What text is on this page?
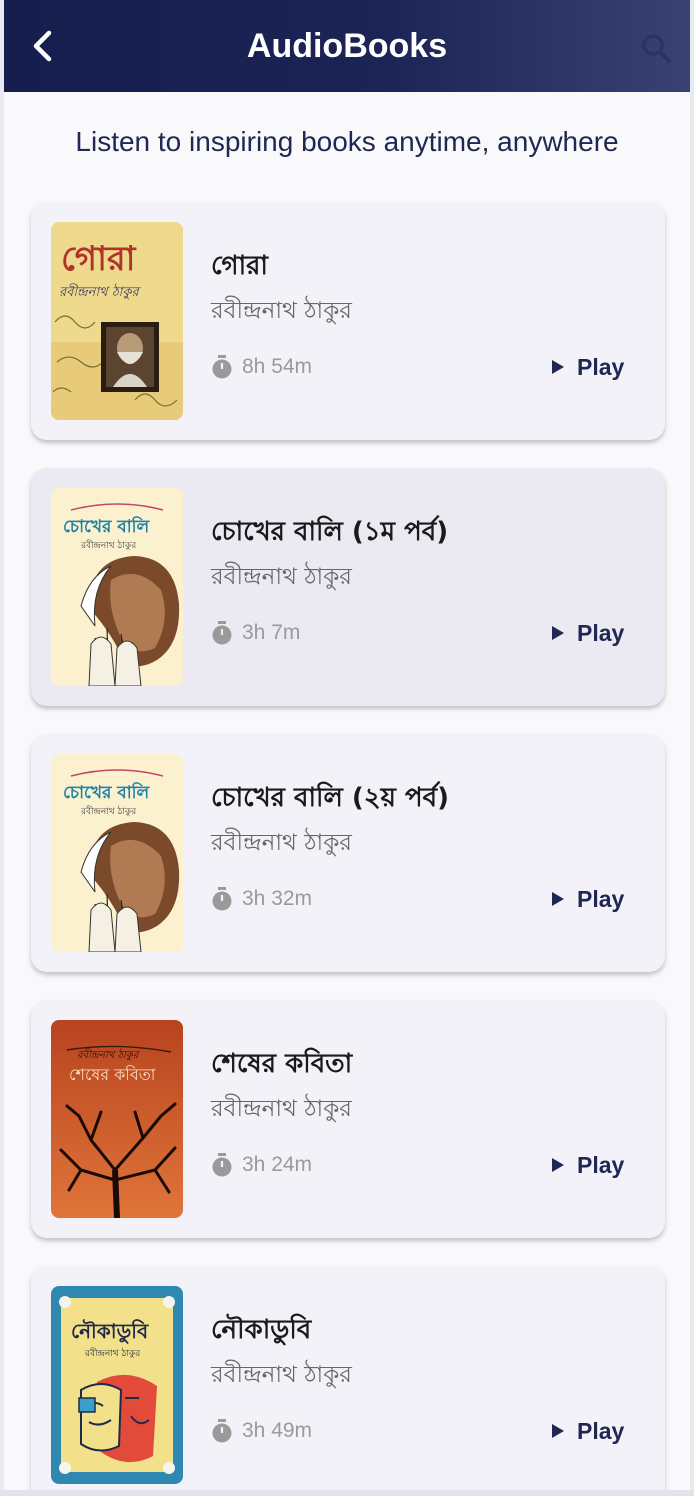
AudioBooks
Listen to inspiring books anytime, anywhere
গোরা
রবীন্দ্রনাথ ঠাকুর
গোরা
রবীন্দ্রনাথ ঠাকুর
8h 54m	Play
চোখের বালি
রবীন্দ্রনাথ ঠাকুর	চোখের বালি (১ম পর্ব)
রবীন্দ্রনাথ ঠাকুর
3h 7m	Play
চোখের বালি
রবীন্দ্রনাথ ঠাকুর	চোখের বালি (২য় পর্ব)
রবীন্দ্রনাথ ঠাকুর
3h 32m	Play
শেষের কবিতা
রবীন্দ্রনাথ ঠাকুর	শেষের কবিতা
রবীন্দ্রনাথ ঠাকুর
3h 24m	Play
নৌকাডুবি
রবীন্দ্রনাথ ঠাকুর
নৌকাডুবি
রবীন্দ্রনাথ ঠাকুর
3h 49m	Play
